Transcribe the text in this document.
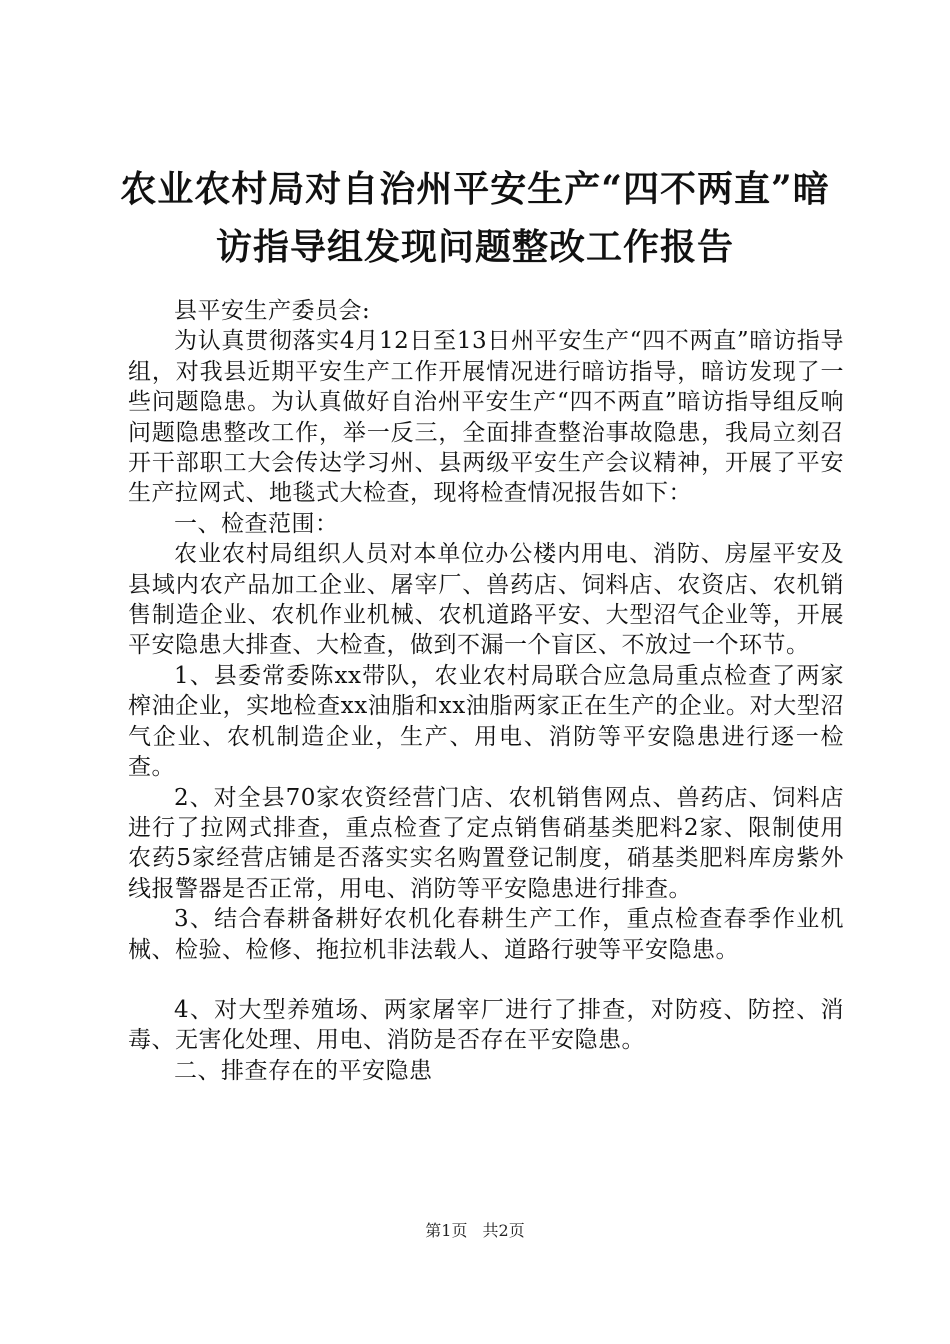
农业农村局对自治州平安生产“四不两直”暗
访指导组发现问题整改工作报告

县平安生产委员会:

为认真贯彻落实4月12日至13日州平安生产“四不两直”暗访指导组，对我县近期平安生产工作开展情况进行暗访指导，暗访发现了一些问题隐患。为认真做好自治州平安生产“四不两直”暗访指导组反响问题隐患整改工作，举一反三，全面排查整治事故隐患，我局立刻召开干部职工大会传达学习州、县两级平安生产会议精神，开展了平安生产拉网式、地毯式大检查，现将检查情况报告如下：

一、检查范围：

农业农村局组织人员对本单位办公楼内用电、消防、房屋平安及县域内农产品加工企业、屠宰厂、兽药店、饲料店、农资店、农机销售制造企业、农机作业机械、农机道路平安、大型沼气企业等，开展平安隐患大排查、大检查，做到不漏一个盲区、不放过一个环节。

1、县委常委陈xx带队，农业农村局联合应急局重点检查了两家榨油企业，实地检查xx油脂和xx油脂两家正在生产的企业。对大型沼气企业、农机制造企业，生产、用电、消防等平安隐患进行逐一检查。

2、对全县70家农资经营门店、农机销售网点、兽药店、饲料店进行了拉网式排查，重点检查了定点销售硝基类肥料2家、限制使用农药5家经营店铺是否落实实名购置登记制度，硝基类肥料库房紫外线报警器是否正常，用电、消防等平安隐患进行排查。

3、结合春耕备耕好农机化春耕生产工作，重点检查春季作业机械、检验、检修、拖拉机非法载人、道路行驶等平安隐患。

4、对大型养殖场、两家屠宰厂进行了排查，对防疫、防控、消毒、无害化处理、用电、消防是否存在平安隐患。

二、排查存在的平安隐患

第1页 共2页
